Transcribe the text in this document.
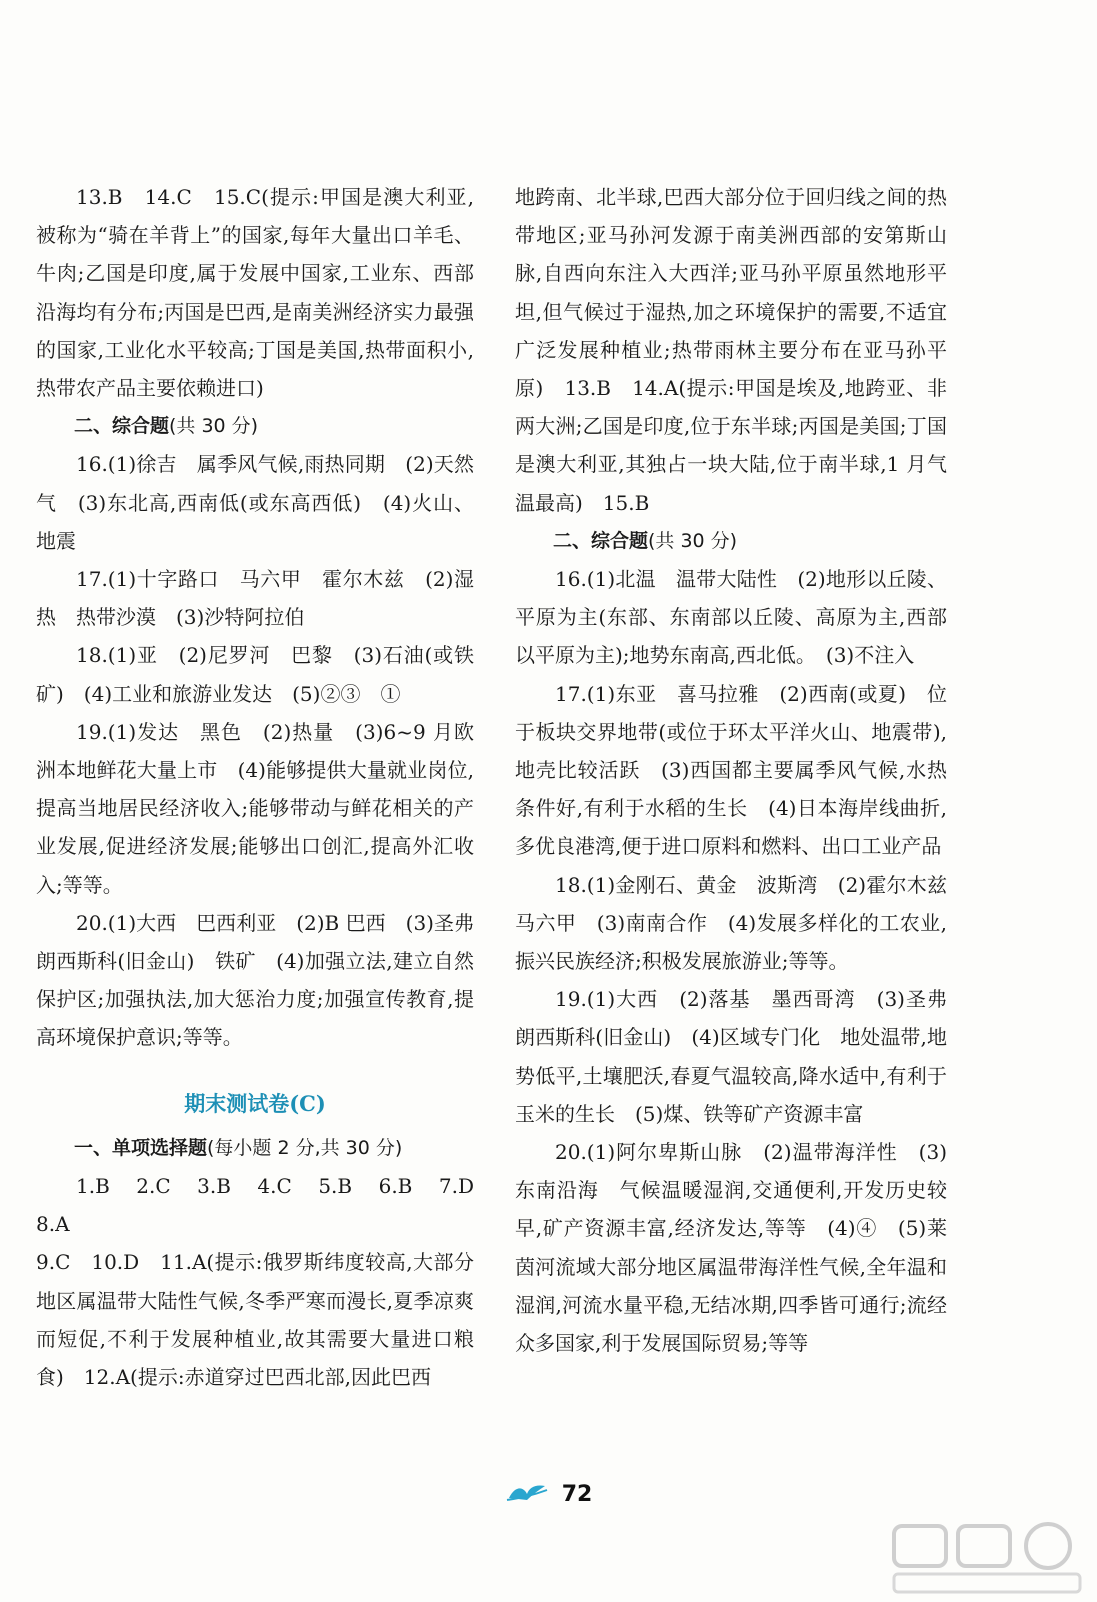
13.B　14.C　15.C(提示:甲国是澳大利亚,被称为“骑在羊背上”的国家,每年大量出口羊毛、牛肉;乙国是印度,属于发展中国家,工业东、西部沿海均有分布;丙国是巴西,是南美洲经济实力最强的国家,工业化水平较高;丁国是美国,热带面积小,热带农产品主要依赖进口)

二、综合题(共 30 分)

16.(1)徐吉　属季风气候,雨热同期　(2)天然气　(3)东北高,西南低(或东高西低)　(4)火山、地震

17.(1)十字路口　马六甲　霍尔木兹　(2)湿热　热带沙漠　(3)沙特阿拉伯

18.(1)亚　(2)尼罗河　巴黎　(3)石油(或铁矿)　(4)工业和旅游业发达　(5)②③　①

19.(1)发达　黑色　(2)热量　(3)6~9 月欧洲本地鲜花大量上市　(4)能够提供大量就业岗位,提高当地居民经济收入;能够带动与鲜花相关的产业发展,促进经济发展;能够出口创汇,提高外汇收入;等等。

20.(1)大西　巴西利亚　(2)B 巴西　(3)圣弗朗西斯科(旧金山)　铁矿　(4)加强立法,建立自然保护区;加强执法,加大惩治力度;加强宣传教育,提高环境保护意识;等等。

期末测试卷(C)

一、单项选择题(每小题 2 分,共 30 分)

1.B　2.C　3.B　4.C　5.B　6.B　7.D　8.A

9.C　10.D　11.A(提示:俄罗斯纬度较高,大部分地区属温带大陆性气候,冬季严寒而漫长,夏季凉爽而短促,不利于发展种植业,故其需要大量进口粮食)　12.A(提示:赤道穿过巴西北部,因此巴西

地跨南、北半球,巴西大部分位于回归线之间的热带地区;亚马孙河发源于南美洲西部的安第斯山脉,自西向东注入大西洋;亚马孙平原虽然地形平坦,但气候过于湿热,加之环境保护的需要,不适宜广泛发展种植业;热带雨林主要分布在亚马孙平原)　13.B　14.A(提示:甲国是埃及,地跨亚、非两大洲;乙国是印度,位于东半球;丙国是美国;丁国是澳大利亚,其独占一块大陆,位于南半球,1 月气温最高)　15.B

二、综合题(共 30 分)

16.(1)北温　温带大陆性　(2)地形以丘陵、平原为主(东部、东南部以丘陵、高原为主,西部以平原为主);地势东南高,西北低。　(3)不注入

17.(1)东亚　喜马拉雅　(2)西南(或夏)　位于板块交界地带(或位于环太平洋火山、地震带),地壳比较活跃　(3)西国都主要属季风气候,水热条件好,有利于水稻的生长　(4)日本海岸线曲折,多优良港湾,便于进口原料和燃料、出口工业产品

18.(1)金刚石、黄金　波斯湾　(2)霍尔木兹　马六甲　(3)南南合作　(4)发展多样化的工农业,振兴民族经济;积极发展旅游业;等等。

19.(1)大西　(2)落基　墨西哥湾　(3)圣弗朗西斯科(旧金山)　(4)区域专门化　地处温带,地势低平,土壤肥沃,春夏气温较高,降水适中,有利于玉米的生长　(5)煤、铁等矿产资源丰富

20.(1)阿尔卑斯山脉　(2)温带海洋性　(3)东南沿海　气候温暖湿润,交通便利,开发历史较早,矿产资源丰富,经济发达,等等　(4)④　(5)莱茵河流域大部分地区属温带海洋性气候,全年温和湿润,河流水量平稳,无结冰期,四季皆可通行;流经众多国家,利于发展国际贸易;等等

72
